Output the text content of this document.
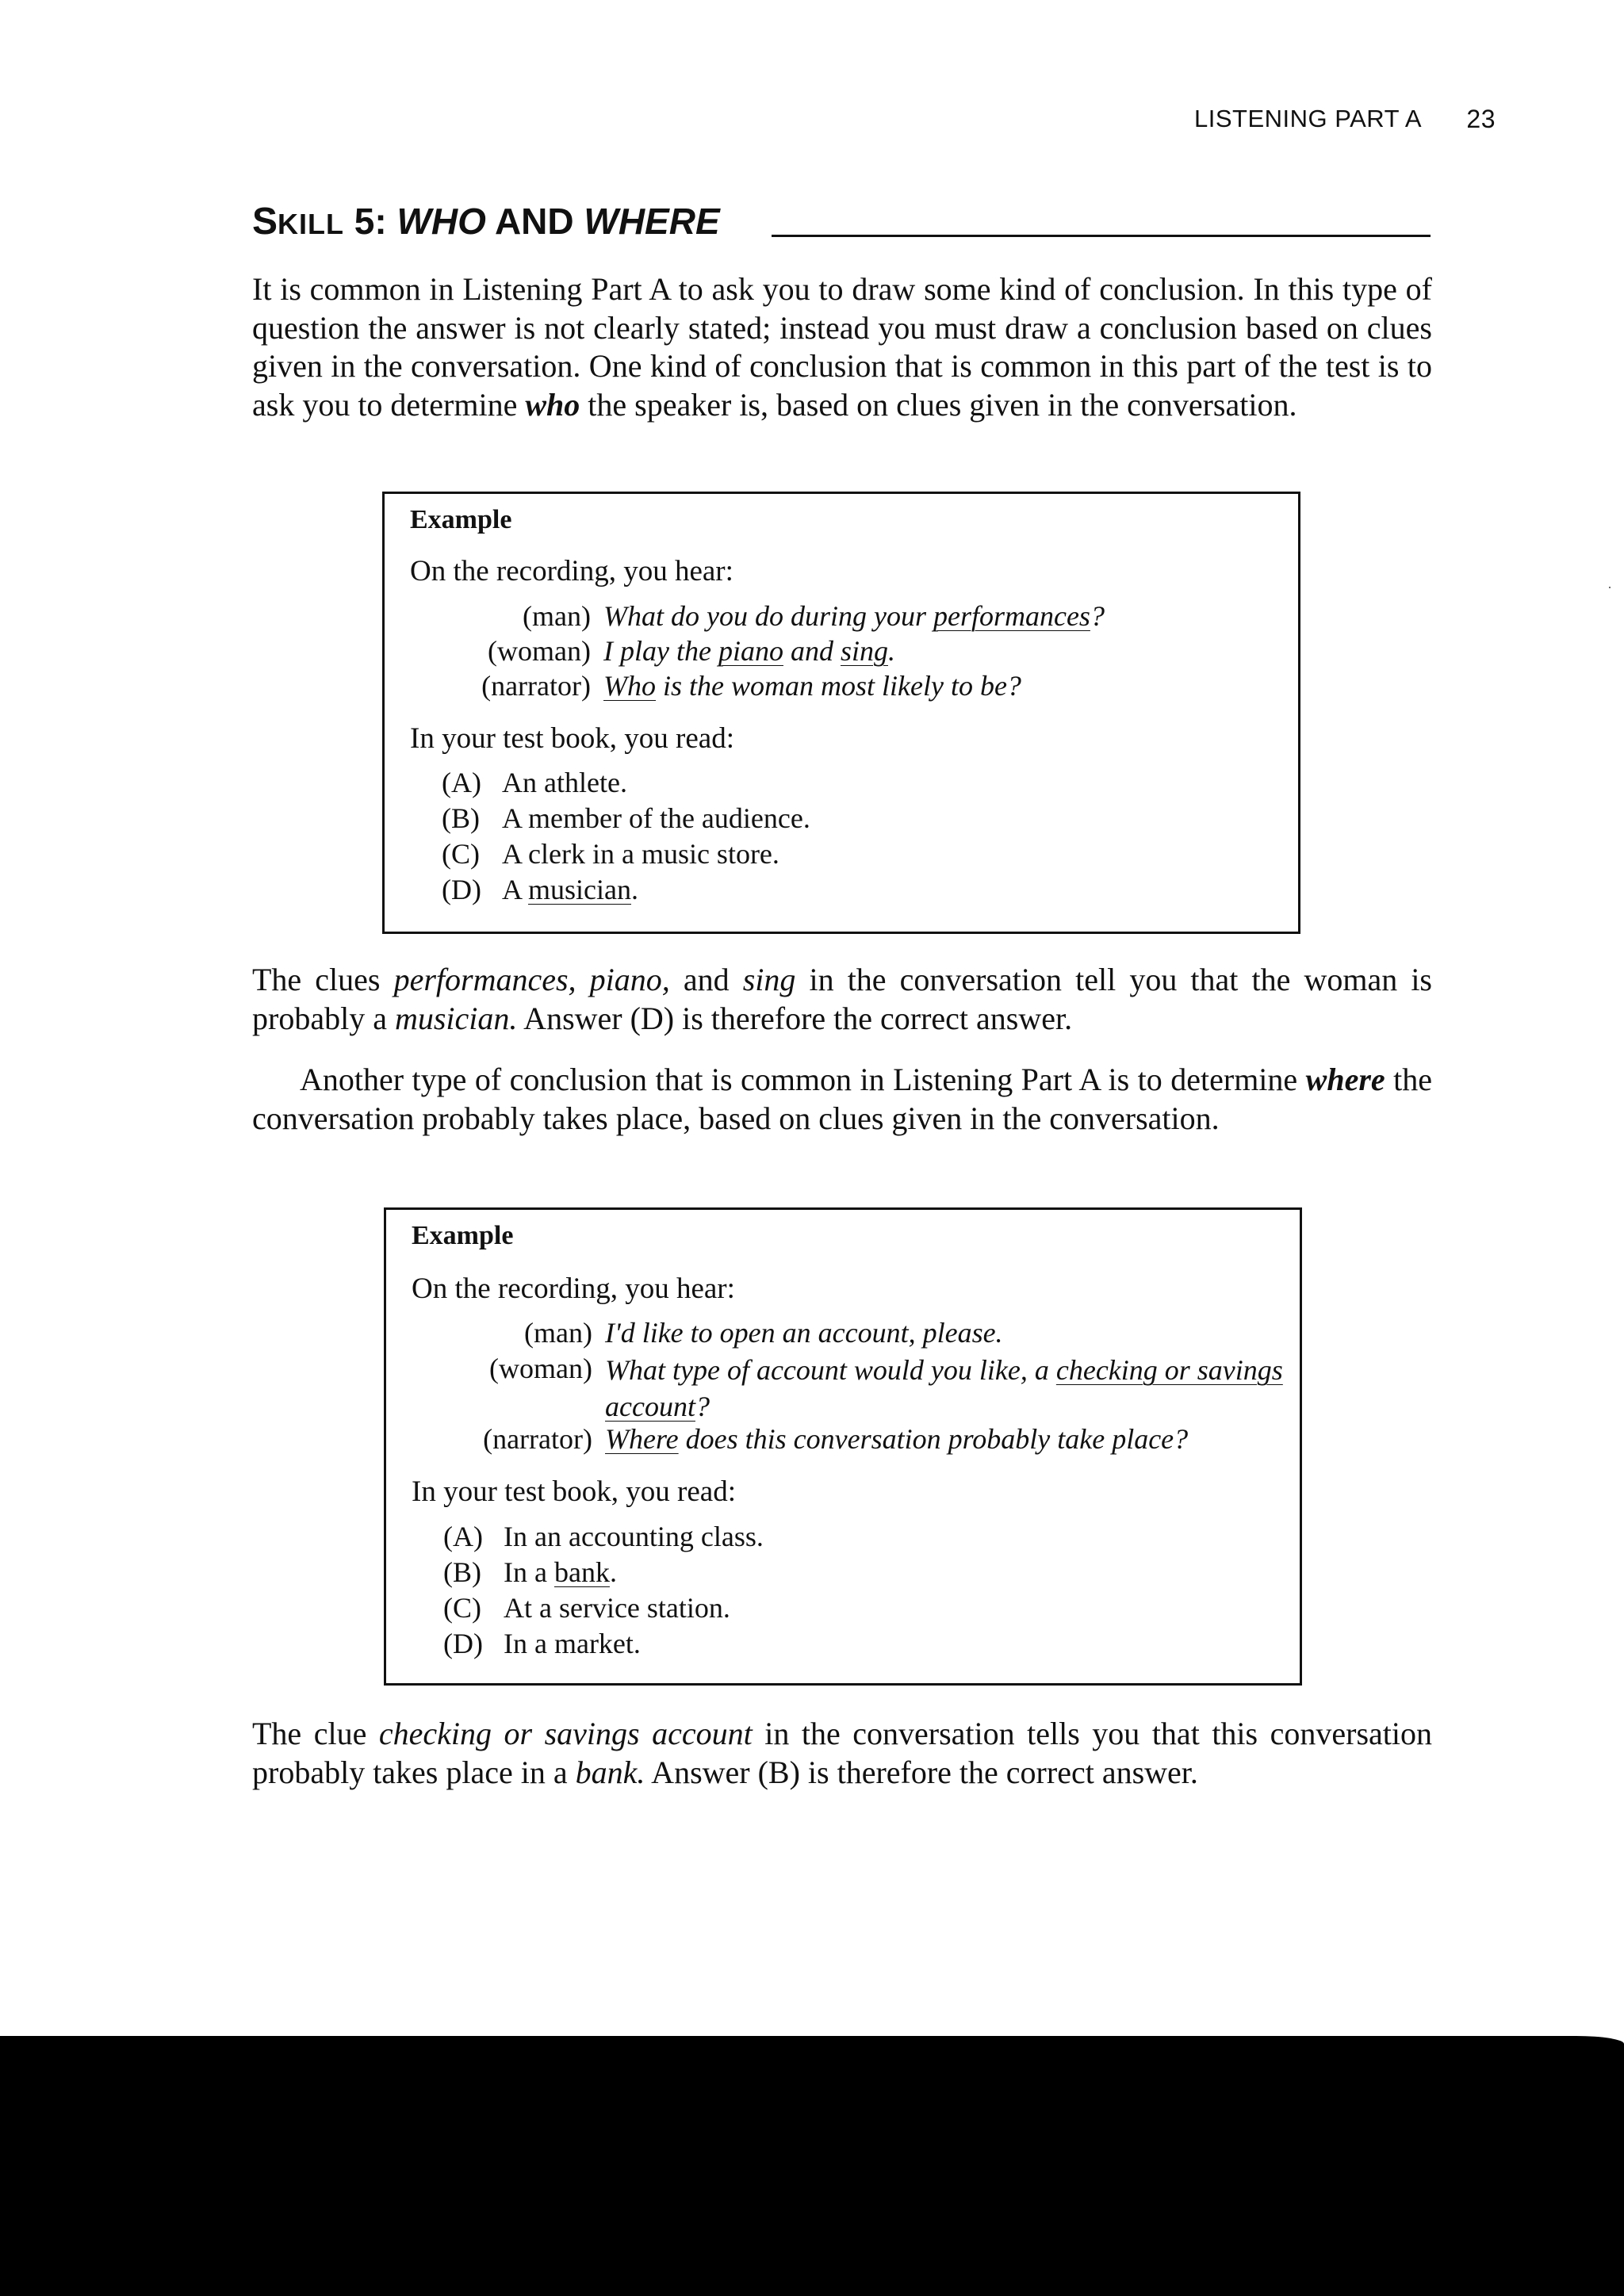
LISTENING PART A 23
SKILL 5: WHO AND WHERE

It is common in Listening Part A to ask you to draw some kind of conclusion. In this type of question the answer is not clearly stated; instead you must draw a conclusion based on clues given in the conversation. One kind of conclusion that is common in this part of the test is to ask you to determine who the speaker is, based on clues given in the conversation.

Example
On the recording, you hear:
(man) What do you do during your performances?
(woman) I play the piano and sing.
(narrator) Who is the woman most likely to be?
In your test book, you read:
(A) An athlete.
(B) A member of the audience.
(C) A clerk in a music store.
(D) A musician.

The clues performances, piano, and sing in the conversation tell you that the woman is probably a musician. Answer (D) is therefore the correct answer.

Another type of conclusion that is common in Listening Part A is to determine where the conversation probably takes place, based on clues given in the conversation.

Example
On the recording, you hear:
(man) I'd like to open an account, please.
(woman) What type of account would you like, a checking or savings account?
(narrator) Where does this conversation probably take place?
In your test book, you read:
(A) In an accounting class.
(B) In a bank.
(C) At a service station.
(D) In a market.

The clue checking or savings account in the conversation tells you that this conversation probably takes place in a bank. Answer (B) is therefore the correct answer.

·
